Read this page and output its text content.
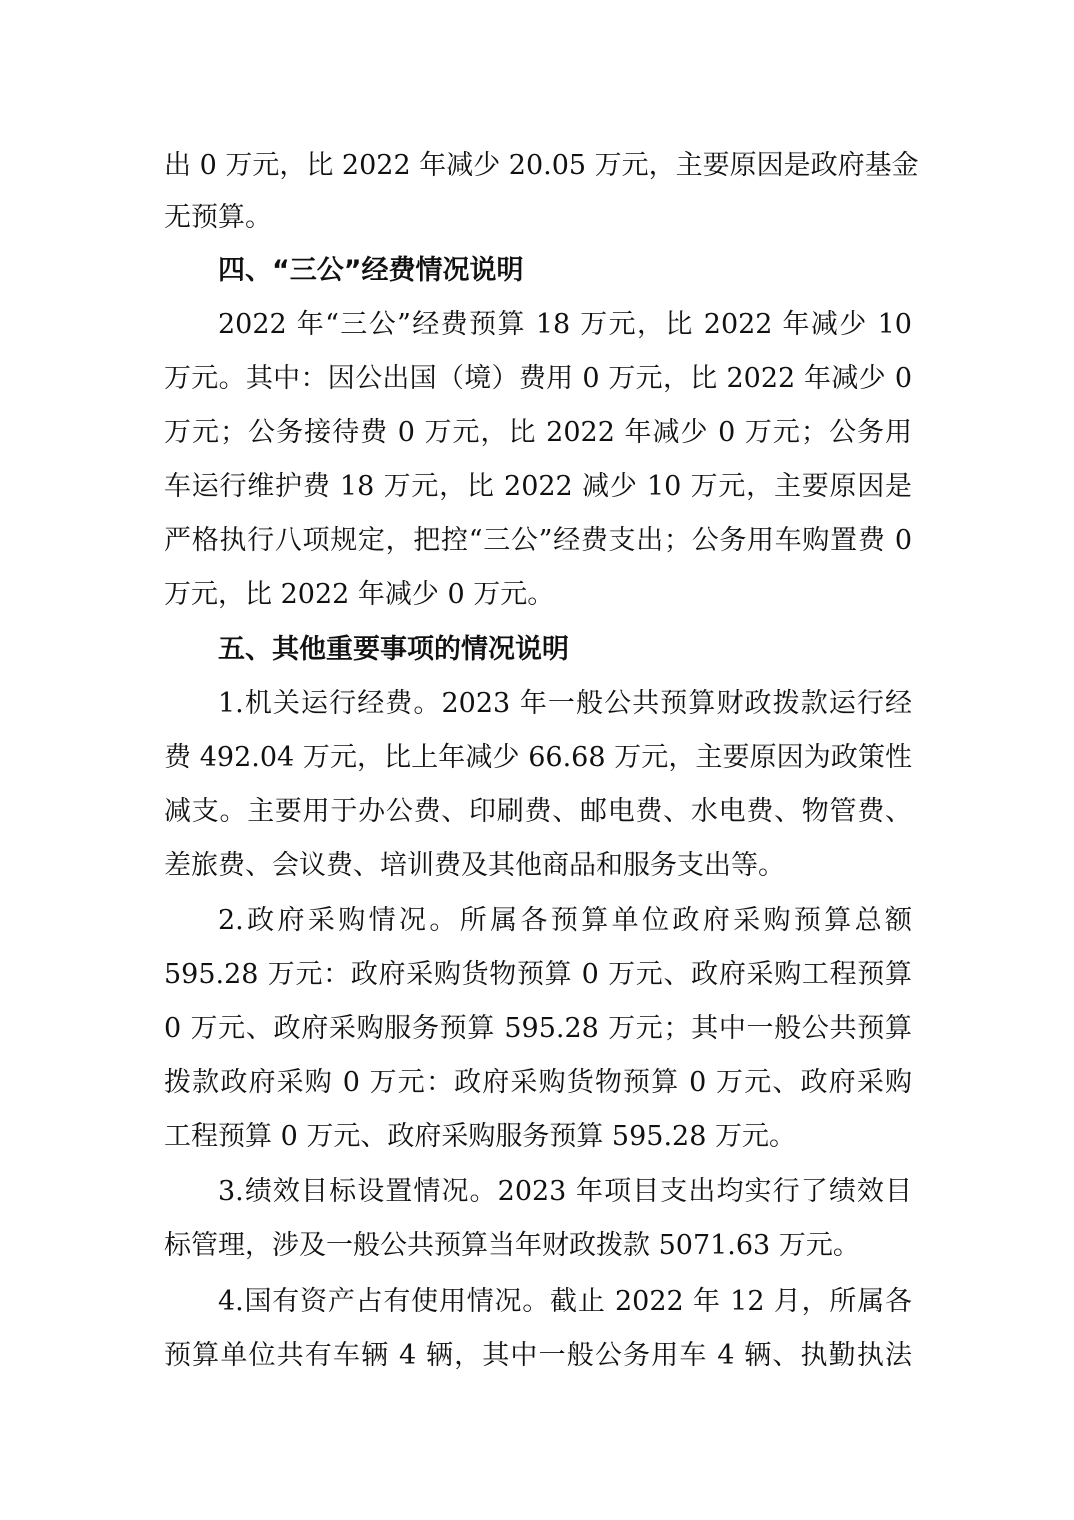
出 0 万元，比 2022 年减少 20.05 万元，主要原因是政府基金
无预算。
四、“三公”经费情况说明
2022 年“三公”经费预算 18 万元，比 2022 年减少 10
万元。其中：因公出国（境）费用 0 万元，比 2022 年减少 0
万元；公务接待费 0 万元，比 2022 年减少 0 万元；公务用
车运行维护费 18 万元，比 2022 减少 10 万元，主要原因是
严格执行八项规定，把控“三公”经费支出；公务用车购置费 0
万元，比 2022 年减少 0 万元。
五、其他重要事项的情况说明
1.机关运行经费。2023 年一般公共预算财政拨款运行经
费 492.04 万元，比上年减少 66.68 万元，主要原因为政策性
减支。主要用于办公费、印刷费、邮电费、水电费、物管费、
差旅费、会议费、培训费及其他商品和服务支出等。
2.政府采购情况。所属各预算单位政府采购预算总额
595.28 万元：政府采购货物预算 0 万元、政府采购工程预算
0 万元、政府采购服务预算 595.28 万元；其中一般公共预算
拨款政府采购 0 万元：政府采购货物预算 0 万元、政府采购
工程预算 0 万元、政府采购服务预算 595.28 万元。
3.绩效目标设置情况。2023 年项目支出均实行了绩效目
标管理，涉及一般公共预算当年财政拨款 5071.63 万元。
4.国有资产占有使用情况。截止 2022 年 12 月，所属各
预算单位共有车辆 4 辆，其中一般公务用车 4 辆、执勤执法
